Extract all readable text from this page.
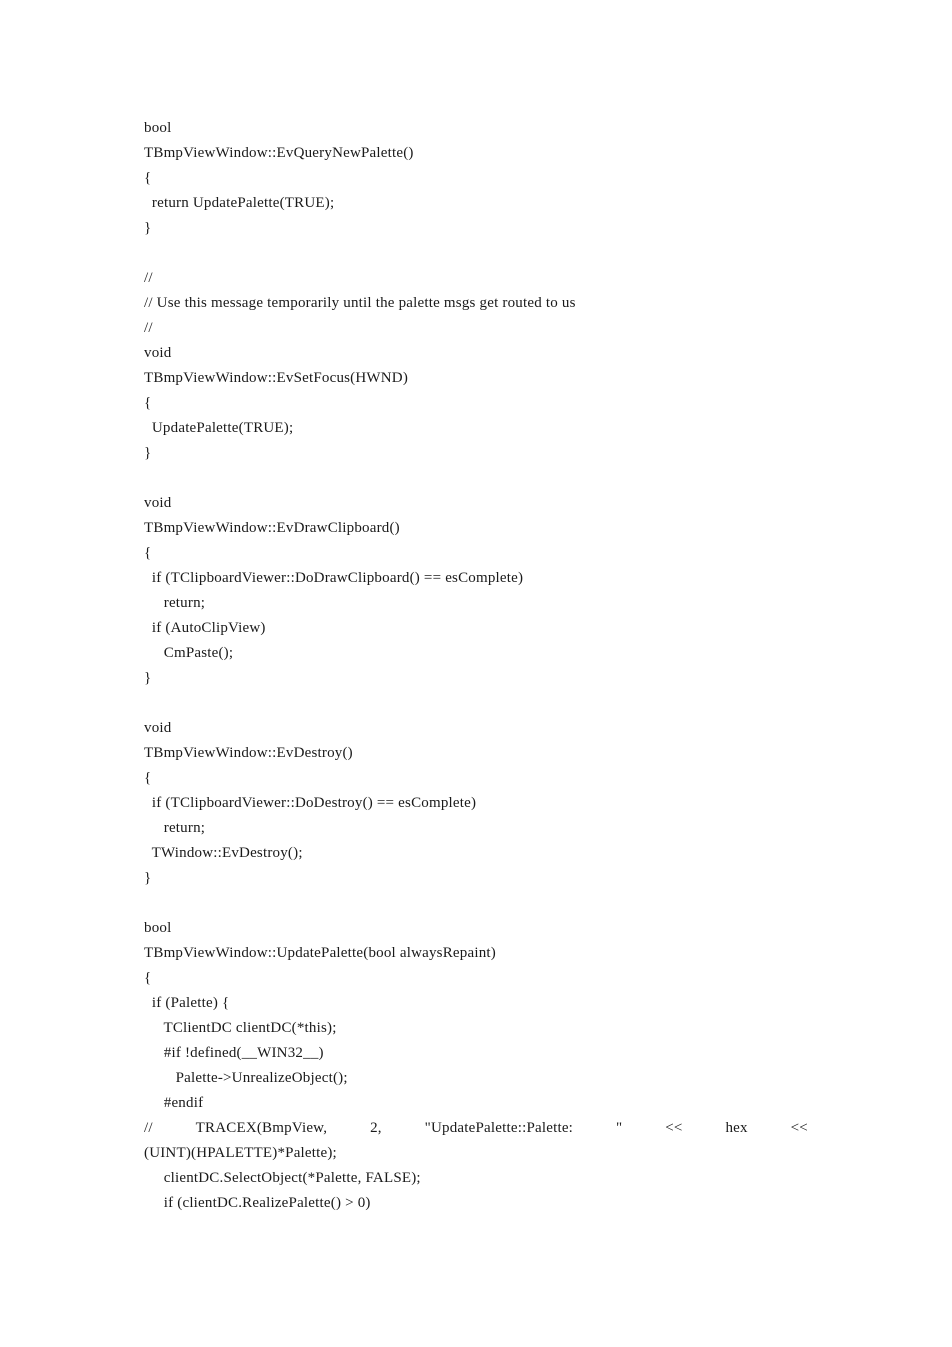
bool
TBmpViewWindow::EvQueryNewPalette()
{
return UpdatePalette(TRUE);
}
//
// Use this message temporarily until the palette msgs get routed to us
//
void
TBmpViewWindow::EvSetFocus(HWND)
{
UpdatePalette(TRUE);
}
void
TBmpViewWindow::EvDrawClipboard()
{
if (TClipboardViewer::DoDrawClipboard() == esComplete)
return;
if (AutoClipView)
CmPaste();
}
void
TBmpViewWindow::EvDestroy()
{
if (TClipboardViewer::DoDestroy() == esComplete)
return;
TWindow::EvDestroy();
}
bool
TBmpViewWindow::UpdatePalette(bool alwaysRepaint)
{
if (Palette) {
TClientDC clientDC(*this);
#if !defined(__WIN32__)
Palette->UnrealizeObject();
#endif
//	TRACEX(BmpView,	2,	"UpdatePalette::Palette:	"	<<	hex	<<
(UINT)(HPALETTE)*Palette);
clientDC.SelectObject(*Palette, FALSE);
if (clientDC.RealizePalette() > 0)
